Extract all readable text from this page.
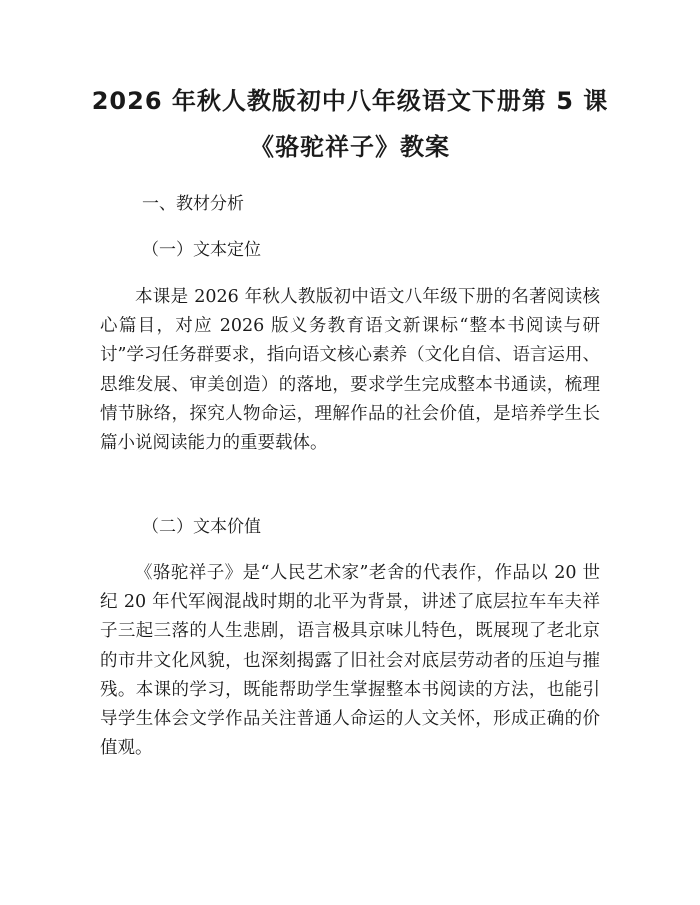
2026 年秋人教版初中八年级语文下册第 5 课
《骆驼祥子》教案
一、教材分析
（一）文本定位
本课是 2026 年秋人教版初中语文八年级下册的名著阅读核心篇目，对应 2026 版义务教育语文新课标“整本书阅读与研讨”学习任务群要求，指向语文核心素养（文化自信、语言运用、思维发展、审美创造）的落地，要求学生完成整本书通读，梳理情节脉络，探究人物命运，理解作品的社会价值，是培养学生长篇小说阅读能力的重要载体。
（二）文本价值
《骆驼祥子》是“人民艺术家”老舍的代表作，作品以 20 世纪 20 年代军阀混战时期的北平为背景，讲述了底层拉车车夫祥子三起三落的人生悲剧，语言极具京味儿特色，既展现了老北京的市井文化风貌，也深刻揭露了旧社会对底层劳动者的压迫与摧残。本课的学习，既能帮助学生掌握整本书阅读的方法，也能引导学生体会文学作品关注普通人命运的人文关怀，形成正确的价值观。
